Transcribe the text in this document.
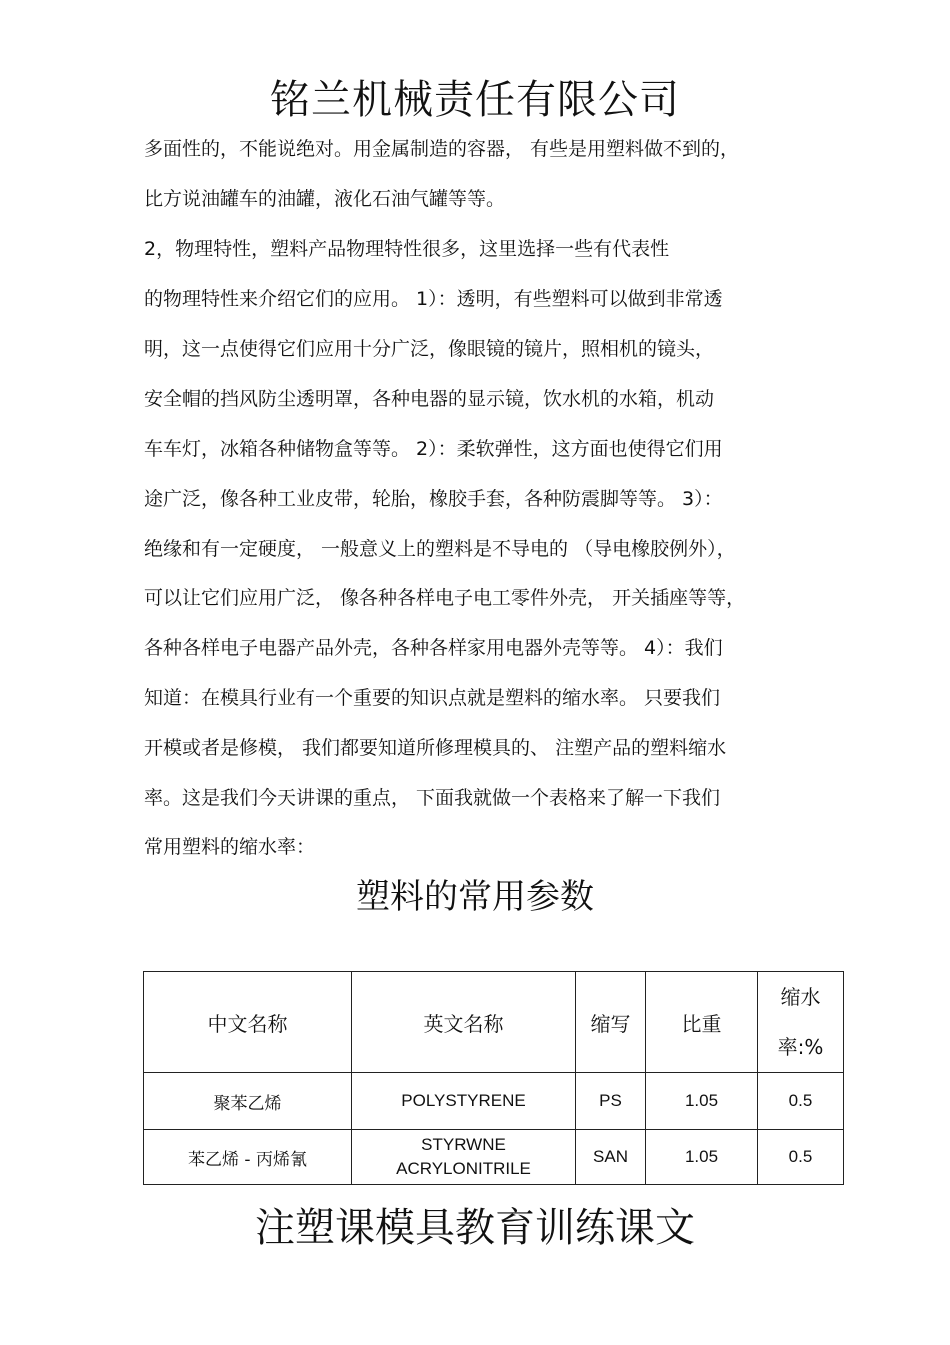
铭兰机械责任有限公司
多面性的，不能说绝对。用金属制造的容器， 有些是用塑料做不到的，
比方说油罐车的油罐，液化石油气罐等等。
2，物理特性，塑料产品物理特性很多，这里选择一些有代表性
的物理特性来介绍它们的应用。 1）：透明，有些塑料可以做到非常透
明，这一点使得它们应用十分广泛，像眼镜的镜片，照相机的镜头，
安全帽的挡风防尘透明罩，各种电器的显示镜，饮水机的水箱，机动
车车灯，冰箱各种储物盒等等。 2）：柔软弹性，这方面也使得它们用
途广泛，像各种工业皮带，轮胎，橡胶手套，各种防震脚等等。 3）：
绝缘和有一定硬度， 一般意义上的塑料是不导电的 （导电橡胶例外），
可以让它们应用广泛， 像各种各样电子电工零件外壳， 开关插座等等，
各种各样电子电器产品外壳，各种各样家用电器外壳等等。 4）：我们
知道：在模具行业有一个重要的知识点就是塑料的缩水率。 只要我们
开模或者是修模， 我们都要知道所修理模具的、 注塑产品的塑料缩水
率。这是我们今天讲课的重点， 下面我就做一个表格来了解一下我们
常用塑料的缩水率：
塑料的常用参数
中文名称	英文名称	缩写	比重	缩水
率:%

聚苯乙烯	POLYSTYRENE	PS	1.05	0.5
苯乙烯 - 丙烯氰	STYRWNE
ACRYLONITRILE	SAN	1.05	0.5
注塑课模具教育训练课文
